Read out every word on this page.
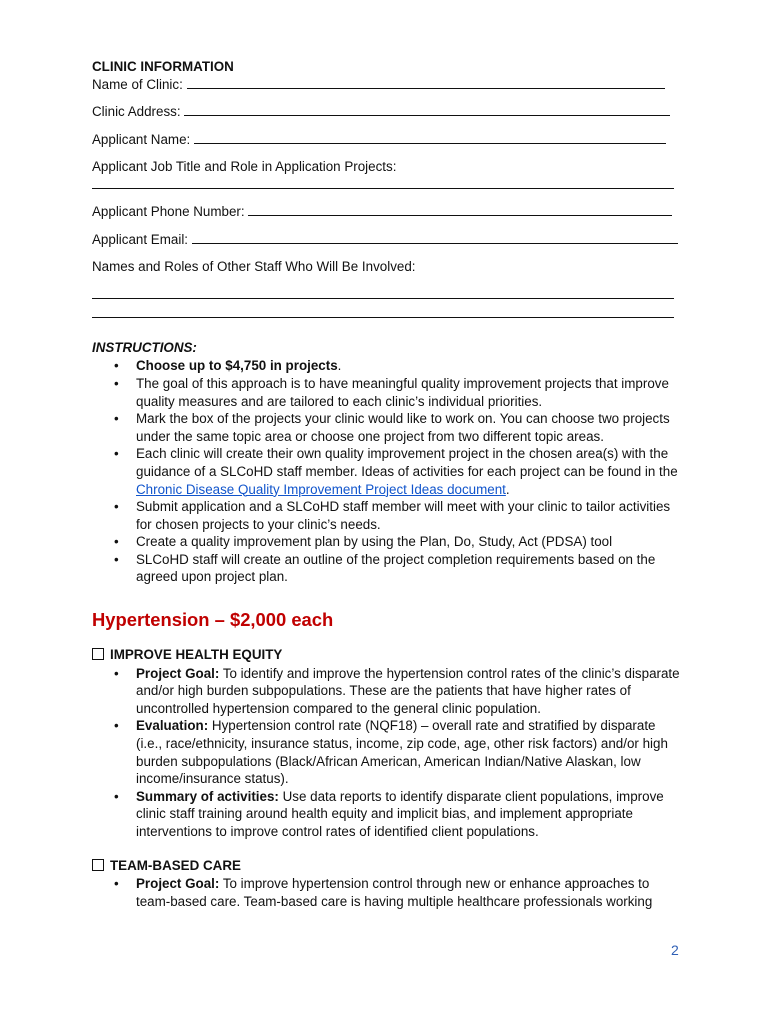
CLINIC INFORMATION
Name of Clinic:
Clinic Address:
Applicant Name:
Applicant Job Title and Role in Application Projects:
Applicant Phone Number:
Applicant Email:
Names and Roles of Other Staff Who Will Be Involved:
INSTRUCTIONS:
• Choose up to $4,750 in projects.
• The goal of this approach is to have meaningful quality improvement projects that improve quality measures and are tailored to each clinic’s individual priorities.
• Mark the box of the projects your clinic would like to work on. You can choose two projects under the same topic area or choose one project from two different topic areas.
• Each clinic will create their own quality improvement project in the chosen area(s) with the guidance of a SLCoHD staff member. Ideas of activities for each project can be found in the Chronic Disease Quality Improvement Project Ideas document.
• Submit application and a SLCoHD staff member will meet with your clinic to tailor activities for chosen projects to your clinic’s needs.
• Create a quality improvement plan by using the Plan, Do, Study, Act (PDSA) tool
• SLCoHD staff will create an outline of the project completion requirements based on the agreed upon project plan.
Hypertension – $2,000 each
IMPROVE HEALTH EQUITY
• Project Goal: To identify and improve the hypertension control rates of the clinic’s disparate and/or high burden subpopulations. These are the patients that have higher rates of uncontrolled hypertension compared to the general clinic population.
• Evaluation: Hypertension control rate (NQF18) – overall rate and stratified by disparate (i.e., race/ethnicity, insurance status, income, zip code, age, other risk factors) and/or high burden subpopulations (Black/African American, American Indian/Native Alaskan, low income/insurance status).
• Summary of activities: Use data reports to identify disparate client populations, improve clinic staff training around health equity and implicit bias, and implement appropriate interventions to improve control rates of identified client populations.
TEAM-BASED CARE
• Project Goal: To improve hypertension control through new or enhance approaches to team-based care. Team-based care is having multiple healthcare professionals working
2
